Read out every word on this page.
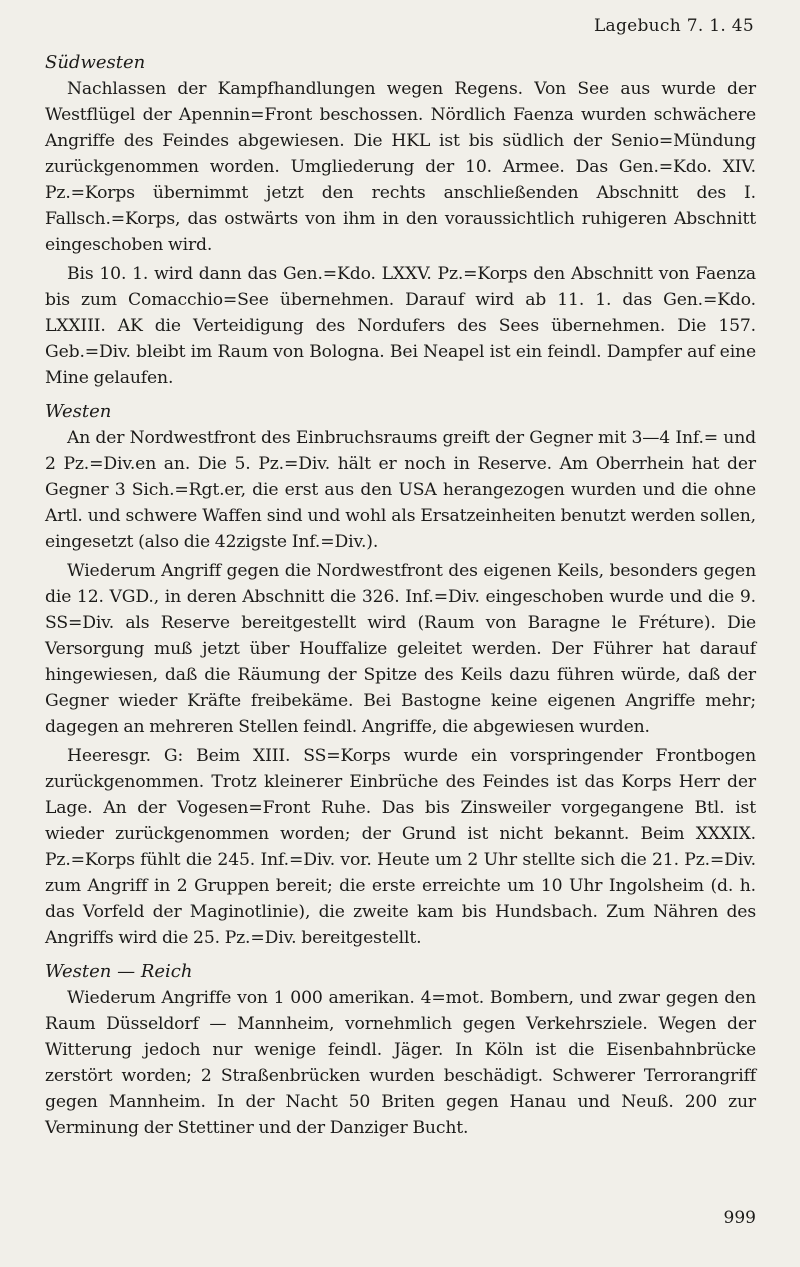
Lagebuch 7. 1. 45
Südwesten

Nachlassen der Kampfhandlungen wegen Regens. Von See aus wurde der Westflügel der Apennin=Front beschossen. Nördlich Faenza wurden schwächere Angriffe des Feindes abgewiesen. Die HKL ist bis südlich der Senio=Mündung zurückgenommen worden. Umgliederung der 10. Armee. Das Gen.=Kdo. XIV. Pz.=Korps übernimmt jetzt den rechts anschließenden Abschnitt des I. Fallsch.=Korps, das ostwärts von ihm in den voraussichtlich ruhigeren Abschnitt eingeschoben wird.

Bis 10. 1. wird dann das Gen.=Kdo. LXXV. Pz.=Korps den Abschnitt von Faenza bis zum Comacchio=See übernehmen. Darauf wird ab 11. 1. das Gen.=Kdo. LXXIII. AK die Verteidigung des Nordufers des Sees übernehmen. Die 157. Geb.=Div. bleibt im Raum von Bologna. Bei Neapel ist ein feindl. Dampfer auf eine Mine gelaufen.

Westen

An der Nordwestfront des Einbruchsraums greift der Gegner mit 3—4 Inf.= und 2 Pz.=Div.en an. Die 5. Pz.=Div. hält er noch in Reserve. Am Oberrhein hat der Gegner 3 Sich.=Rgt.er, die erst aus den USA herangezogen wurden und die ohne Artl. und schwere Waffen sind und wohl als Ersatzeinheiten benutzt werden sollen, eingesetzt (also die 42zigste Inf.=Div.).

Wiederum Angriff gegen die Nordwestfront des eigenen Keils, besonders gegen die 12. VGD., in deren Abschnitt die 326. Inf.=Div. eingeschoben wurde und die 9. SS=Div. als Reserve bereitgestellt wird (Raum von Baragne le Fréture). Die Versorgung muß jetzt über Houffalize geleitet werden. Der Führer hat darauf hingewiesen, daß die Räumung der Spitze des Keils dazu führen würde, daß der Gegner wieder Kräfte freibekäme. Bei Bastogne keine eigenen Angriffe mehr; dagegen an mehreren Stellen feindl. Angriffe, die abgewiesen wurden.

Heeresgr. G: Beim XIII. SS=Korps wurde ein vorspringender Frontbogen zurückgenommen. Trotz kleinerer Einbrüche des Feindes ist das Korps Herr der Lage. An der Vogesen=Front Ruhe. Das bis Zinsweiler vorgegangene Btl. ist wieder zurückgenommen worden; der Grund ist nicht bekannt. Beim XXXIX. Pz.=Korps fühlt die 245. Inf.=Div. vor. Heute um 2 Uhr stellte sich die 21. Pz.=Div. zum Angriff in 2 Gruppen bereit; die erste erreichte um 10 Uhr Ingolsheim (d. h. das Vorfeld der Maginotlinie), die zweite kam bis Hundsbach. Zum Nähren des Angriffs wird die 25. Pz.=Div. bereitgestellt.

Westen — Reich

Wiederum Angriffe von 1 000 amerikan. 4=mot. Bombern, und zwar gegen den Raum Düsseldorf — Mannheim, vornehmlich gegen Verkehrsziele. Wegen der Witterung jedoch nur wenige feindl. Jäger. In Köln ist die Eisenbahnbrücke zerstört worden; 2 Straßenbrücken wurden beschädigt. Schwerer Terrorangriff gegen Mannheim. In der Nacht 50 Briten gegen Hanau und Neuß. 200 zur Verminung der Stettiner und der Danziger Bucht.

999
